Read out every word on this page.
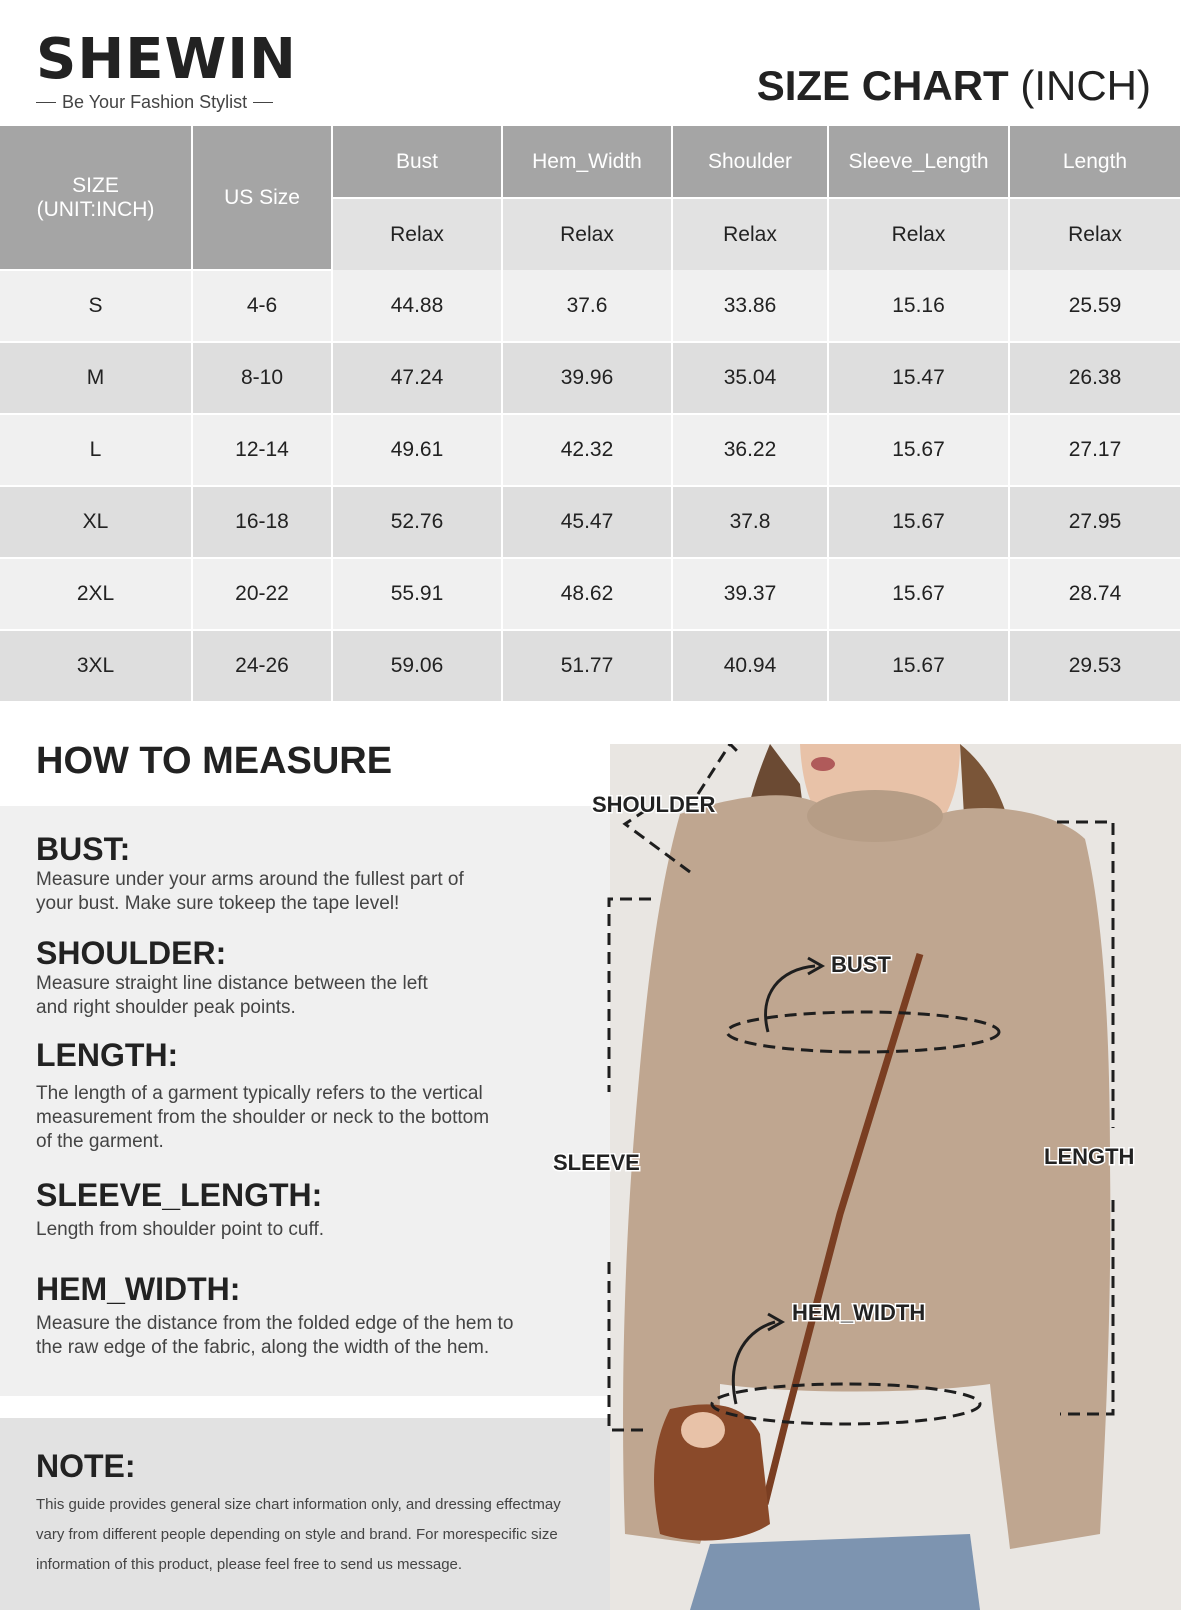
SHEWIN
Be Your Fashion Stylist	SIZE CHART (INCH)
SIZE
(UNIT:INCH)	US Size	Bust	Hem_Width	Shoulder	Sleeve_Length	Length
		Relax	Relax	Relax	Relax	Relax
S	4-6	44.88	37.6	33.86	15.16	25.59
M	8-10	47.24	39.96	35.04	15.47	26.38
L	12-14	49.61	42.32	36.22	15.67	27.17
XL	16-18	52.76	45.47	37.8	15.67	27.95
2XL	20-22	55.91	48.62	39.37	15.67	28.74
3XL	24-26	59.06	51.77	40.94	15.67	29.53
HOW TO MEASURE
BUST:

Measure under your arms around the fullest part of

your bust. Make sure tokeep the tape level!

SHOULDER:

Measure straight line distance between the left

and right shoulder peak points.

LENGTH:

The length of a garment typically refers to the vertical

measurement from the shoulder or neck to the bottom

of the garment.

SLEEVE_LENGTH:

Length from shoulder point to cuff.

HEM_WIDTH:

Measure the distance from the folded edge of the hem to

the raw edge of the fabric, along the width of the hem.

NOTE:
This guide provides general size chart information only, and dressing effectmay
vary from different people depending on style and brand. For morespecific size
information of this product, please feel free to send us message.
SHOULDER
BUST
SLEEVE	LENGTH
HEM_WIDTH
